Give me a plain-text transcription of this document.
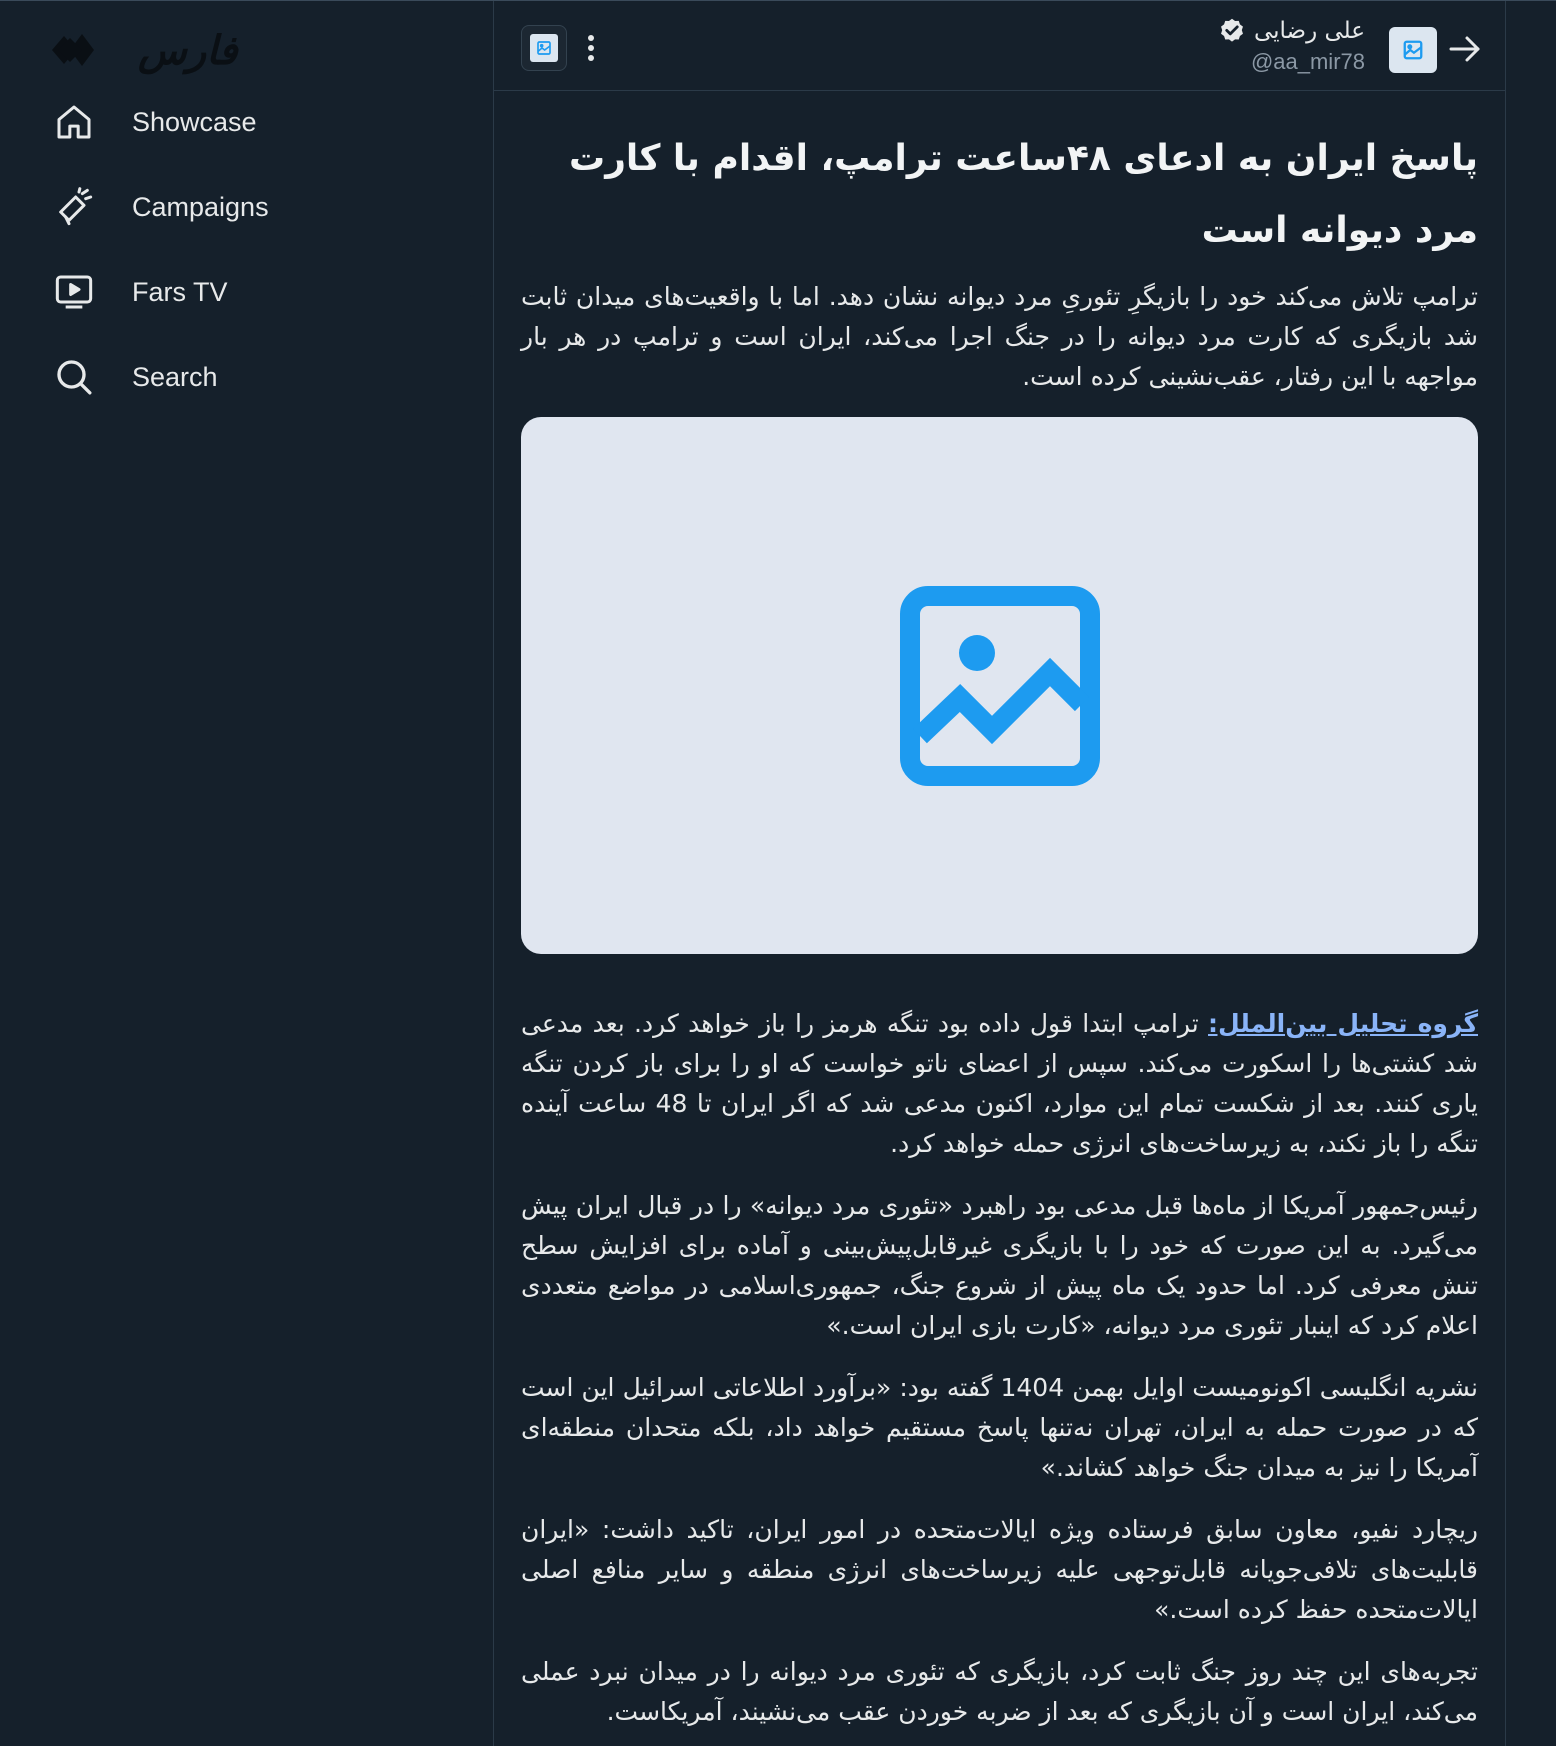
فارس
Showcase
Campaigns
Fars TV
Search
علی رضایی
@aa_mir78
پاسخ ایران به ادعای ۴۸ساعت ترامپ، اقدام با کارت مرد دیوانه است

ترامپ تلاش می‌کند خود را بازیگرِ تئوریِ مرد دیوانه نشان دهد. اما با واقعیت‌های میدان ثابت شد بازیگری که کارت مرد دیوانه را در جنگ اجرا می‌کند، ایران است و ترامپ در هر بار مواجهه با این رفتار، عقب‌نشینی کرده است.

گروه تحلیل بین‌الملل: ترامپ ابتدا قول داده بود تنگه هرمز را باز خواهد کرد. بعد مدعی شد کشتی‌ها را اسکورت می‌کند. سپس از اعضای ناتو خواست که او را برای باز کردن تنگه یاری کنند. بعد از شکست تمام این موارد، اکنون مدعی شد که اگر ایران تا 48 ساعت آینده تنگه را باز نکند، به زیرساخت‌های انرژی حمله خواهد کرد.

رئیس‌جمهور آمریکا از ماه‌ها قبل مدعی بود راهبرد «تئوری مرد دیوانه» را در قبال ایران پیش می‌گیرد. به این صورت که خود را با بازیگری غیرقابل‌پیش‌بینی و آماده برای افزایش سطح تنش معرفی کرد. اما حدود یک ماه پیش از شروع جنگ، جمهوری‌اسلامی در مواضع متعددی اعلام کرد که اینبار تئوری مرد دیوانه، «کارت بازی ایران است.»

نشریه انگلیسی اکونومیست اوایل بهمن 1404 گفته بود: «برآورد اطلاعاتی اسرائیل این است که در صورت حمله به ایران، تهران نه‌تنها پاسخ مستقیم خواهد داد، بلکه متحدان منطقه‌ای آمریکا را نیز به میدان جنگ خواهد کشاند.»

ریچارد نفیو، معاون سابق فرستاده ویژه ایالات‌متحده در امور ایران، تاکید داشت: «ایران قابلیت‌های تلافی‌جویانه قابل‌توجهی علیه زیرساخت‌های انرژی منطقه و سایر منافع اصلی ایالات‌متحده حفظ کرده است.»

تجربه‌های این چند روز جنگ ثابت کرد، بازیگری که تئوری مرد دیوانه را در میدان نبرد عملی می‌کند، ایران است و آن بازیگری که بعد از ضربه خوردن عقب می‌نشیند، آمریکاست.
